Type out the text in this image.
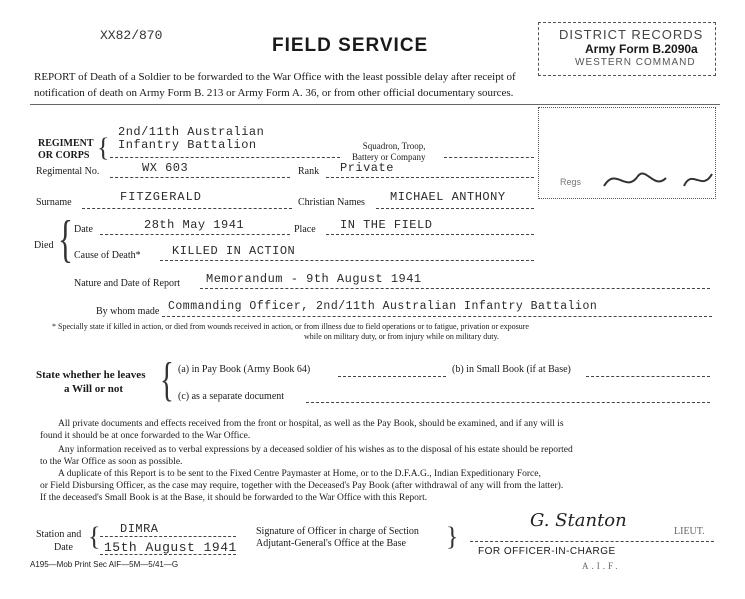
XX82/870	FIELD SERVICE
DISTRICT RECORDS
Army Form B.2090a
WESTERN COMMAND
REPORT of Death of a Soldier to be forwarded to the War Office with the least possible delay after receipt of
notification of death on Army Form B. 213 or Army Form A. 36, or from other official documentary sources.
Regs
REGIMENT
OR CORPS {
2nd/11th Australian
Infantry Battalion	Squadron, Troop,
Battery or Company
Regimental No.	WX 603	Rank Private
Surname	FITZGERALD	Christian Names MICHAEL ANTHONY
Died { Date	28th May 1941	Place IN THE FIELD
Cause of Death*	KILLED IN ACTION
Nature and Date of Report Memorandum - 9th August 1941
By whom made Commanding Officer, 2nd/11th Australian Infantry Battalion
* Specially state if killed in action, or died from wounds received in action, or from illness due to field operations or to fatigue, privation or exposure
while on military duty, or from injury while on military duty.
State whether he leaves
a Will or not { (a) in Pay Book (Army Book 64)	(b) in Small Book (if at Base)
(c) as a separate document
All private documents and effects received from the front or hospital, as well as the Pay Book, should be examined, and if any will is
found it should be at once forwarded to the War Office.
Any information received as to verbal expressions by a deceased soldier of his wishes as to the disposal of his estate should be reported
to the War Office as soon as possible.
A duplicate of this Report is to be sent to the Fixed Centre Paymaster at Home, or to the D.F.A.G., Indian Expeditionary Force,
or Field Disbursing Officer, as the case may require, together with the Deceased's Pay Book (after withdrawal of any will from the latter).
If the deceased's Small Book is at the Base, it should be forwarded to the War Office with this Report.
Station and
Date { DIMRA
15th August 1941
Signature of Officer in charge of Section
Adjutant-General's Office at the Base	}
G. Stanton
LIEUT.
FOR OFFICER-IN-CHARGE
A.I.F.
A195—Mob Print Sec AIF—5M—5/41—G
